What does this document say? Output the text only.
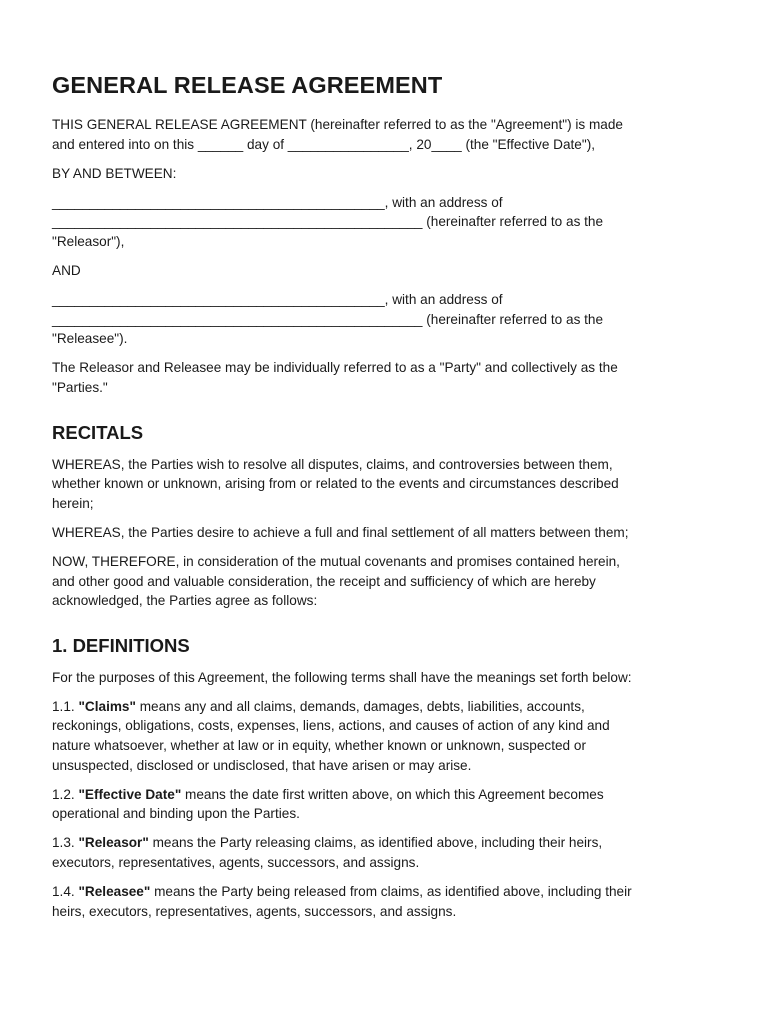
GENERAL RELEASE AGREEMENT

THIS GENERAL RELEASE AGREEMENT (hereinafter referred to as the "Agreement") is made
and entered into on this ______ day of ________________, 20____ (the "Effective Date"),

BY AND BETWEEN:

____________________________________________, with an address of
_________________________________________________ (hereinafter referred to as the
"Releasor"),

AND

____________________________________________, with an address of
_________________________________________________ (hereinafter referred to as the
"Releasee").

The Releasor and Releasee may be individually referred to as a "Party" and collectively as the
"Parties."

RECITALS

WHEREAS, the Parties wish to resolve all disputes, claims, and controversies between them,
whether known or unknown, arising from or related to the events and circumstances described
herein;

WHEREAS, the Parties desire to achieve a full and final settlement of all matters between them;

NOW, THEREFORE, in consideration of the mutual covenants and promises contained herein,
and other good and valuable consideration, the receipt and sufficiency of which are hereby
acknowledged, the Parties agree as follows:

1. DEFINITIONS

For the purposes of this Agreement, the following terms shall have the meanings set forth below:

1.1. "Claims" means any and all claims, demands, damages, debts, liabilities, accounts,
reckonings, obligations, costs, expenses, liens, actions, and causes of action of any kind and
nature whatsoever, whether at law or in equity, whether known or unknown, suspected or
unsuspected, disclosed or undisclosed, that have arisen or may arise.

1.2. "Effective Date" means the date first written above, on which this Agreement becomes
operational and binding upon the Parties.

1.3. "Releasor" means the Party releasing claims, as identified above, including their heirs,
executors, representatives, agents, successors, and assigns.

1.4. "Releasee" means the Party being released from claims, as identified above, including their
heirs, executors, representatives, agents, successors, and assigns.
